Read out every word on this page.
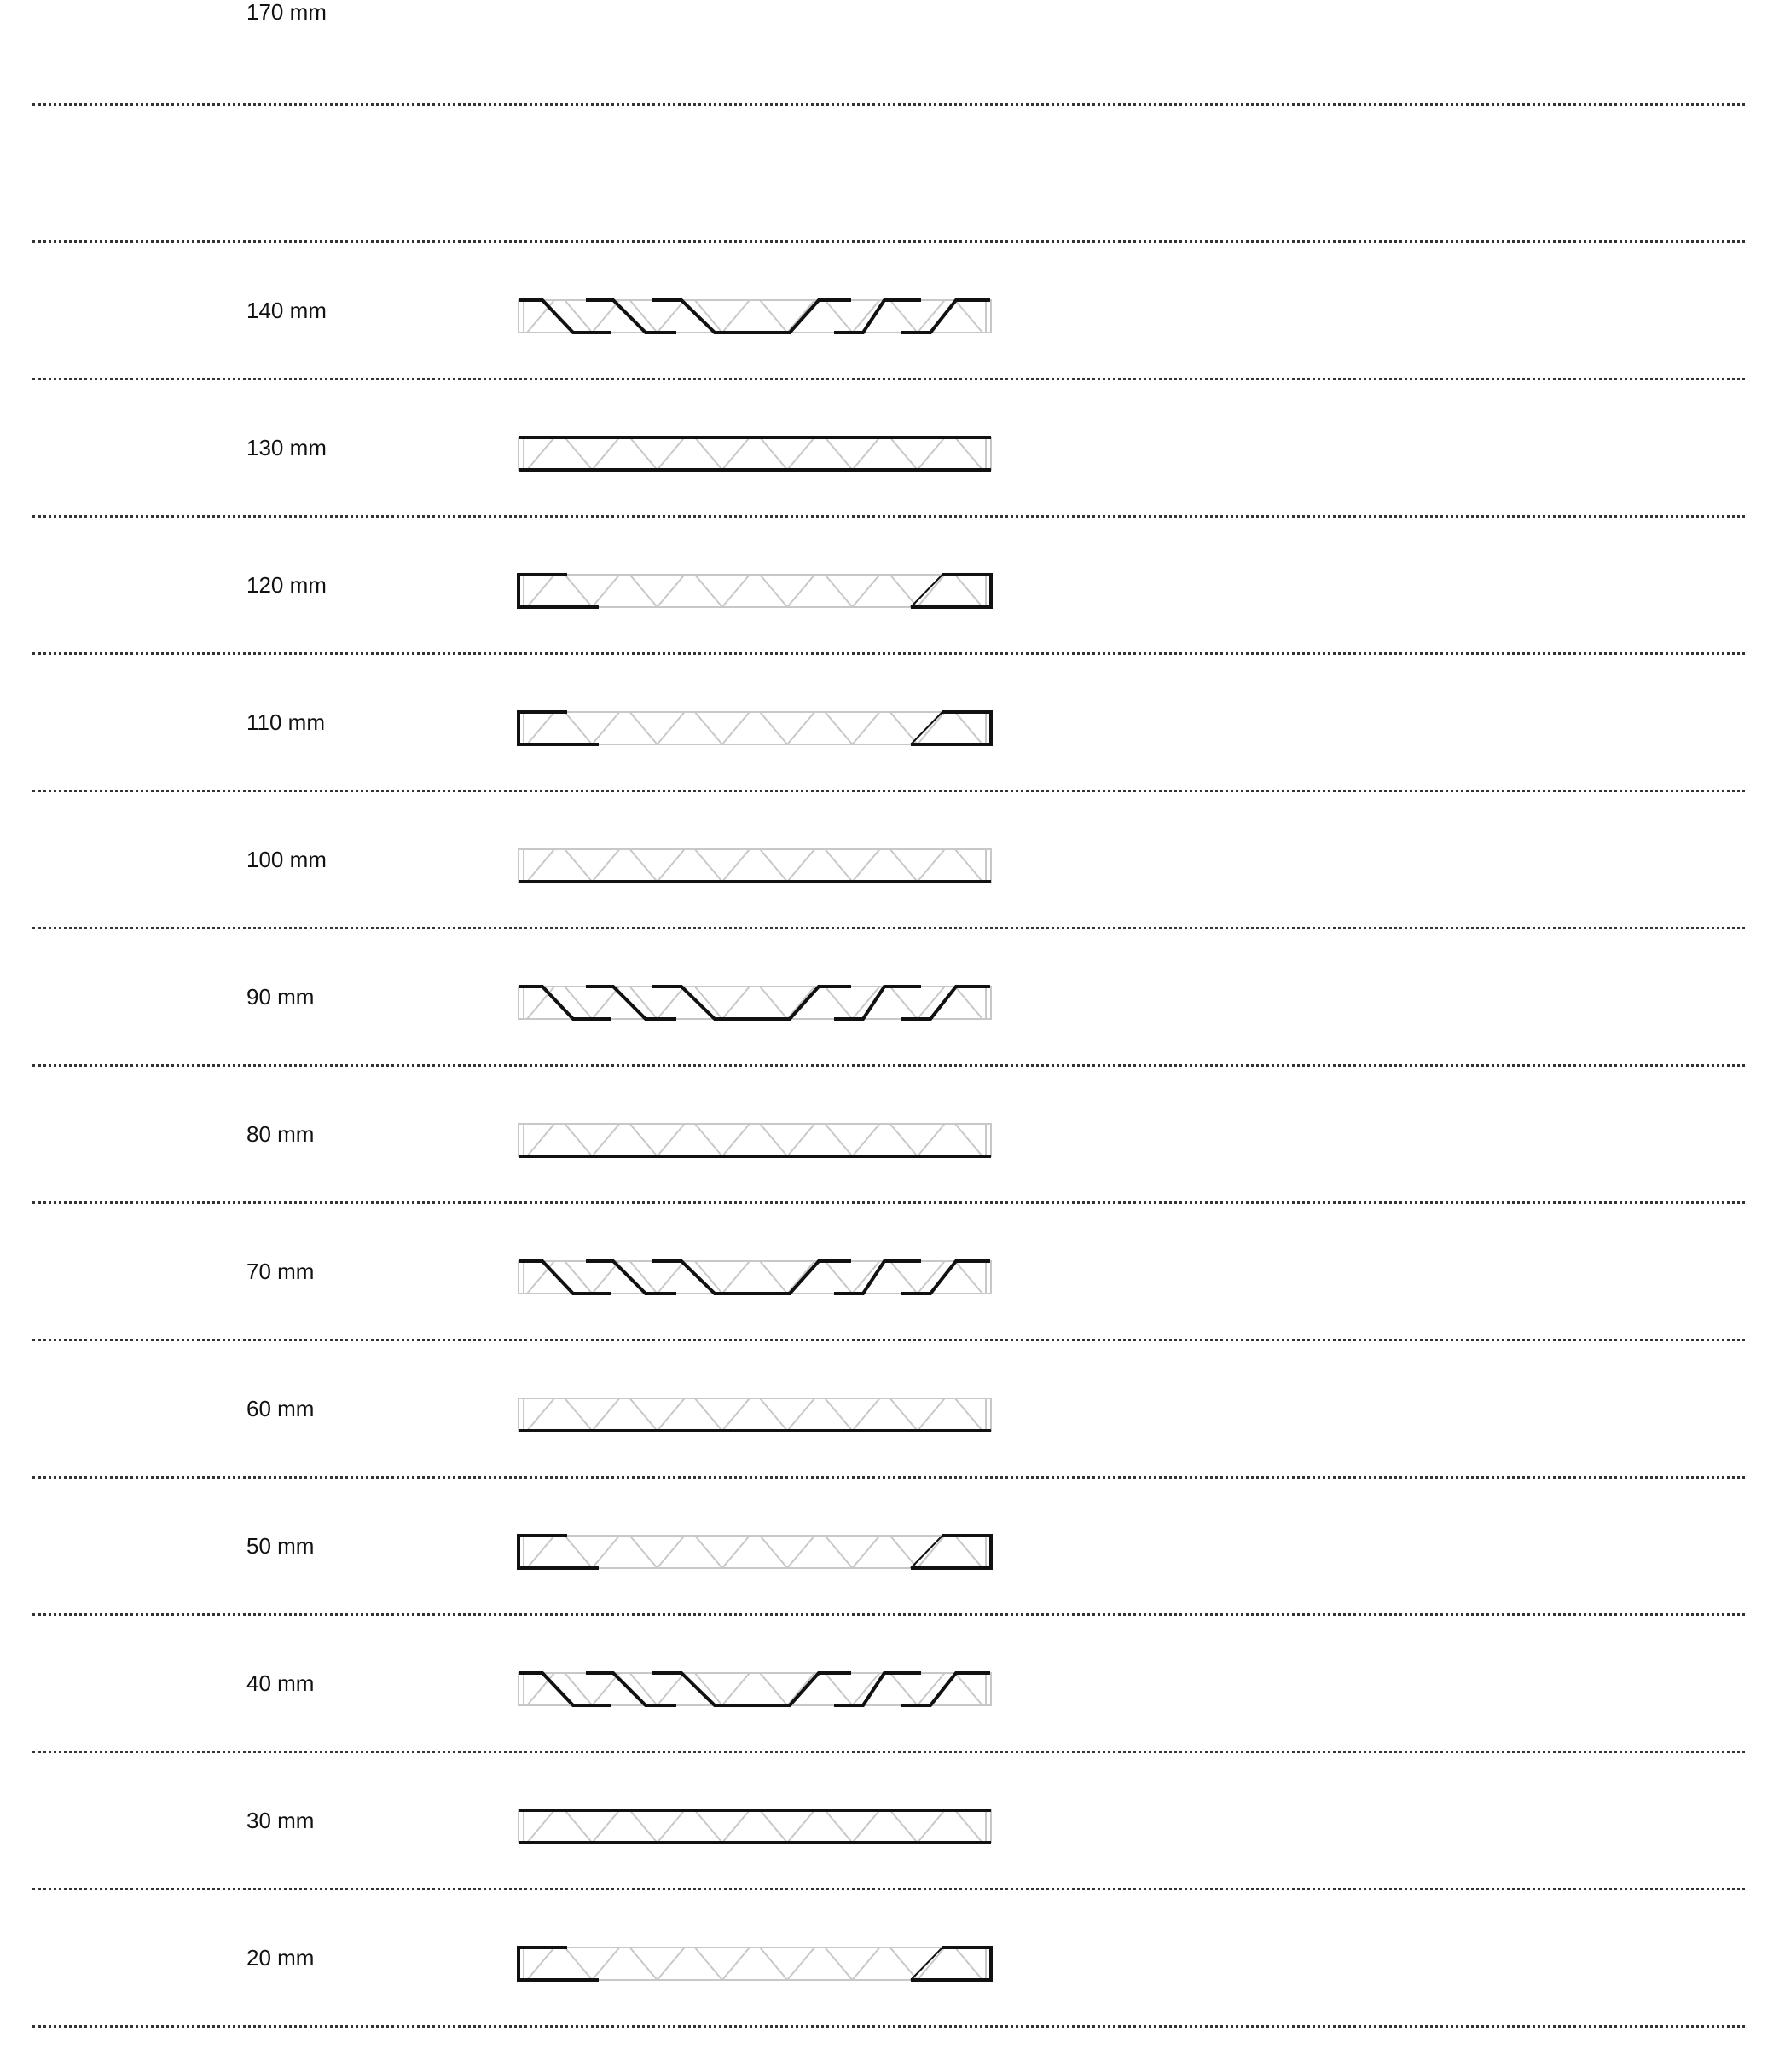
170 mm
140 mm
130 mm
120 mm
110 mm
100 mm
90 mm
80 mm
70 mm
60 mm
50 mm
40 mm
30 mm
20 mm
